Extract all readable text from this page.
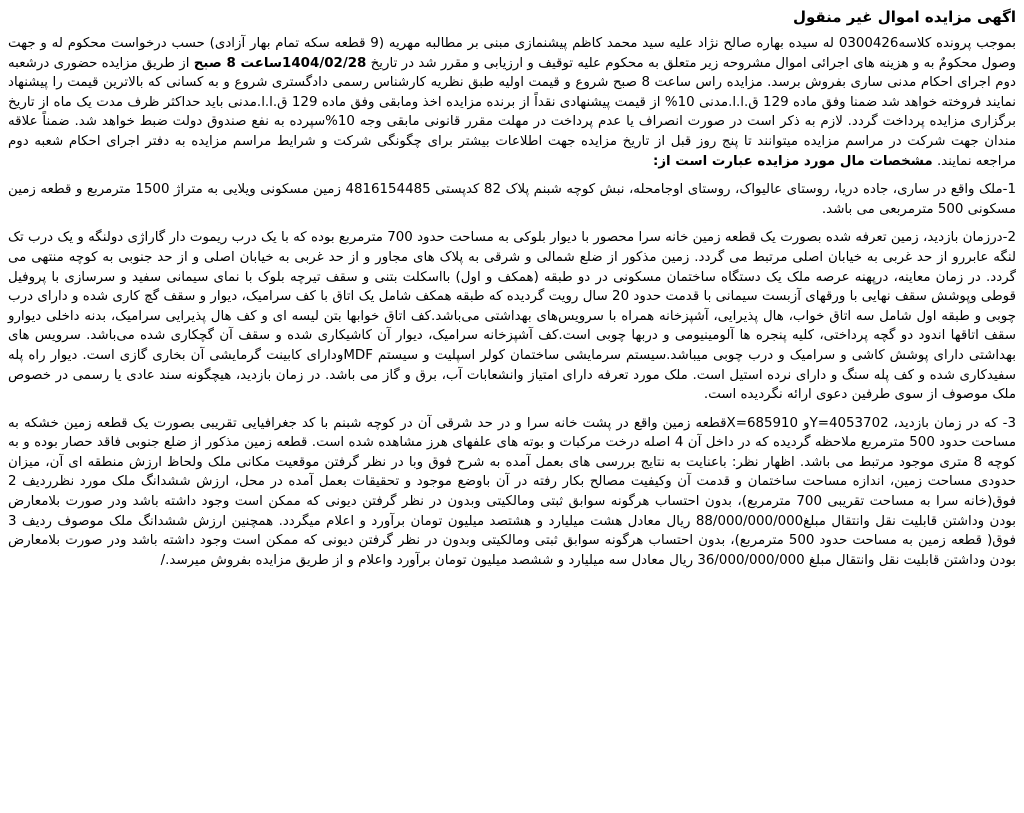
اگهی مزایده اموال غیر منقول

بموجب پرونده کلاسه0300426 له سیده بهاره صالح نژاد علیه سید محمد کاظم پیشنمازی مبنی بر مطالبه مهریه (9 قطعه سکه تمام بهار آزادی) حسب درخواست محکوم له و جهت وصول محکومٌ به و هزینه های اجرائی اموال مشروحه زیر متعلق به محکوم علیه توقیف و ارزیابی و مقرر شد در تاریخ 1404/02/28ساعت 8 صبح از طریق مزایده حضوری درشعبه دوم اجرای احکام مدنی ساری بفروش برسد. مزایده راس ساعت 8 صبح شروع و قیمت اولیه طبق نظریه کارشناس رسمی دادگستری شروع و به کسانی که بالاترین قیمت را پیشنهاد نمایند فروخته خواهد شد ضمنا وفق ماده 129 ق.ا.ا.مدنی 10% از قیمت پیشنهادی نقداً از برنده مزایده اخذ ومابقی وفق ماده 129 ق.ا.ا.مدنی باید حداکثر ظرف مدت یک ماه از تاریخ برگزاری مزایده پرداخت گردد. لازم به ذکر است در صورت انصراف یا عدم پرداخت در مهلت مقرر قانونی مابقی وجه 10%سپرده به نفع صندوق دولت ضبط خواهد شد. ضمناً علاقه مندان جهت شرکت در مراسم مزایده میتوانند تا پنج روز قبل از تاریخ مزایده جهت اطلاعات بیشتر برای چگونگی شرکت و شرایط مراسم مزایده به دفتر اجرای احکام شعبه دوم مراجعه نمایند. مشخصات مال مورد مزایده عبارت است از:

1-ملک واقع در ساری، جاده دریا، روستای عالیواک، روستای اوجامحله، نبش کوچه شبنم پلاک 82 کدپستی 4816154485 زمین مسکونی ویلایی به متراژ 1500 مترمربع و قطعه زمین مسکونی 500 مترمربعی می باشد.

2-درزمان بازدید، زمین تعرفه شده بصورت یک قطعه زمین خانه سرا محصور با دیوار بلوکی به مساحت حدود 700 مترمربع بوده که با یک درب ریموت دار گاراژی دولنگه و یک درب تک لنگه عابررو از حد غربی به خیابان اصلی مرتبط می گردد. زمین مذکور از ضلع شمالی و شرقی به پلاک های مجاور و از حد غربی به خیابان اصلی و از حد جنوبی به کوچه منتهی می گردد. در زمان معاینه، درپهنه عرصه ملک یک دستگاه ساختمان مسکونی در دو طبقه (همکف و اول) بااسکلت بتنی و سقف تیرچه بلوک با نمای سیمانی سفید و سرسازی با پروفیل قوطی وپوشش سقف نهایی با ورقهای آزبست سیمانی با قدمت حدود 20 سال رویت گردیده که طبقه همکف شامل یک اتاق با کف سرامیک، دیوار و سقف گچ کاری شده و دارای درب چوبی و طبقه اول شامل سه اتاق خواب، هال پذیرایی، آشپزخانه همراه با سرویس‌های بهداشتی می‌باشد.کف اتاق خوابها بتن لیسه ای و کف هال پذیرایی سرامیک، بدنه داخلی دیوارو سقف اتاقها اندود دو گچه پرداختی، کلیه پنجره ها آلومینیومی و دربها چوبی است.کف آشپزخانه سرامیک، دیوار آن کاشیکاری شده و سقف آن گچکاری شده می‌باشد. سرویس های بهداشتی دارای پوشش کاشی و سرامیک و درب چوبی میباشد.سیستم سرمایشی ساختمان کولر اسپلیت و سیستم MDFودارای کابینت گرمایشی آن بخاری گازی است. دیوار راه پله سفیدکاری شده و کف پله سنگ و دارای نرده استیل است. ملک مورد تعرفه دارای امتیاز وانشعابات آب، برق و گاز می باشد. در زمان بازدید، هیچگونه سند عادی یا رسمی در خصوص ملک موصوف از سوی طرفین دعوی ارائه نگردیده است.

3- که در زمان بازدید، Y=4053702و X=685910قطعه زمین واقع در پشت خانه سرا و در حد شرقی آن در کوچه شبنم با کد جغرافیایی تقریبی بصورت یک قطعه زمین خشکه به مساحت حدود 500 مترمربع ملاحظه گردیده که در داخل آن 4 اصله درخت مرکبات و بوته های علفهای هرز مشاهده شده است. قطعه زمین مذکور از ضلع جنوبی فاقد حصار بوده و به کوچه 8 متری موجود مرتبط می باشد. اظهار نظر: باعنایت به نتایج بررسی های بعمل آمده به شرح فوق وبا در نظر گرفتن موقعیت مکانی ملک ولحاظ ارزش منطقه ای آن، میزان حدودی مساحت زمین، اندازه مساحت ساختمان و قدمت آن وکیفیت مصالح بکار رفته در آن باوضع موجود و تحقیقات بعمل آمده در محل، ارزش ششدانگ ملک مورد نظرردیف 2 فوق(خانه سرا به مساحت تقریبی 700 مترمربع)، بدون احتساب هرگونه سوابق ثبتی ومالکیتی وبدون در نظر گرفتن دیونی که ممکن است وجود داشته باشد ودر صورت بلامعارض بودن وداشتن قابلیت نقل وانتقال مبلغ88/000/000/000 ریال معادل هشت میلیارد و هشتصد میلیون تومان برآورد و اعلام میگردد. همچنین ارزش ششدانگ ملک موصوف ردیف 3 فوق( قطعه زمین به مساحت حدود 500 مترمربع)، بدون احتساب هرگونه سوابق ثبتی ومالکیتی وبدون در نظر گرفتن دیونی که ممکن است وجود داشته باشد ودر صورت بلامعارض بودن وداشتن قابلیت نقل وانتقال مبلغ 36/000/000/000 ریال معادل سه میلیارد و ششصد میلیون تومان برآورد واعلام و از طریق مزایده بفروش میرسد./
